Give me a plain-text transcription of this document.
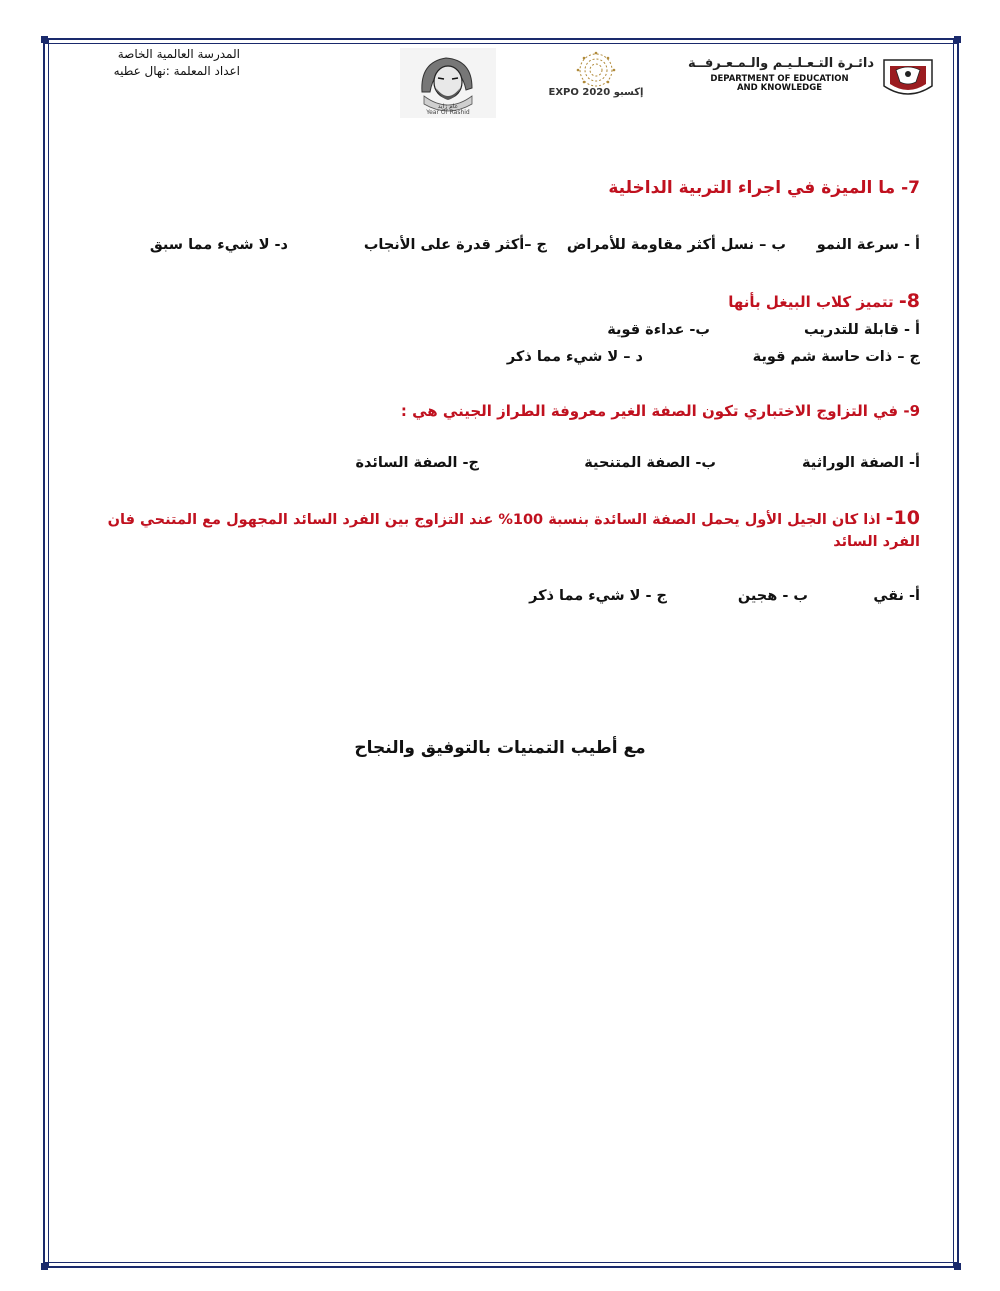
المدرسة العالمية الخاصة
اعداد المعلمة :نهال عطيه
عام زايد
Year Of Rashid
EXPO 2020 إكسبو
دائـرة التـعـلـيـم والـمـعـرفــة
DEPARTMENT OF EDUCATION
AND KNOWLEDGE
7- ما الميزة في اجراء التربية الداخلية
أ - سرعة النمو
ب – نسل أكثر مقاومة للأمراض
ج –أكثر قدرة على الأنجاب
د- لا شيء مما سبق
8- تتميز كلاب البيغل بأنها
أ - قابلة للتدريب
ب- عداءة قوية
ج – ذات حاسة شم قوية
د – لا شيء مما ذكر
9- في التزاوج الاختباري تكون الصفة الغير معروفة الطراز الجيني هي :
أ- الصفة الوراثية
ب- الصفة المتنحية
ج- الصفة السائدة
10- اذا كان الجيل الأول يحمل الصفة السائدة بنسبة 100% عند التزاوج بين الفرد السائد المجهول مع المتنحي فان الفرد السائد
أ- نقي
ب - هجين
ج - لا شيء مما ذكر
مع أطيب التمنيات بالتوفيق والنجاح
